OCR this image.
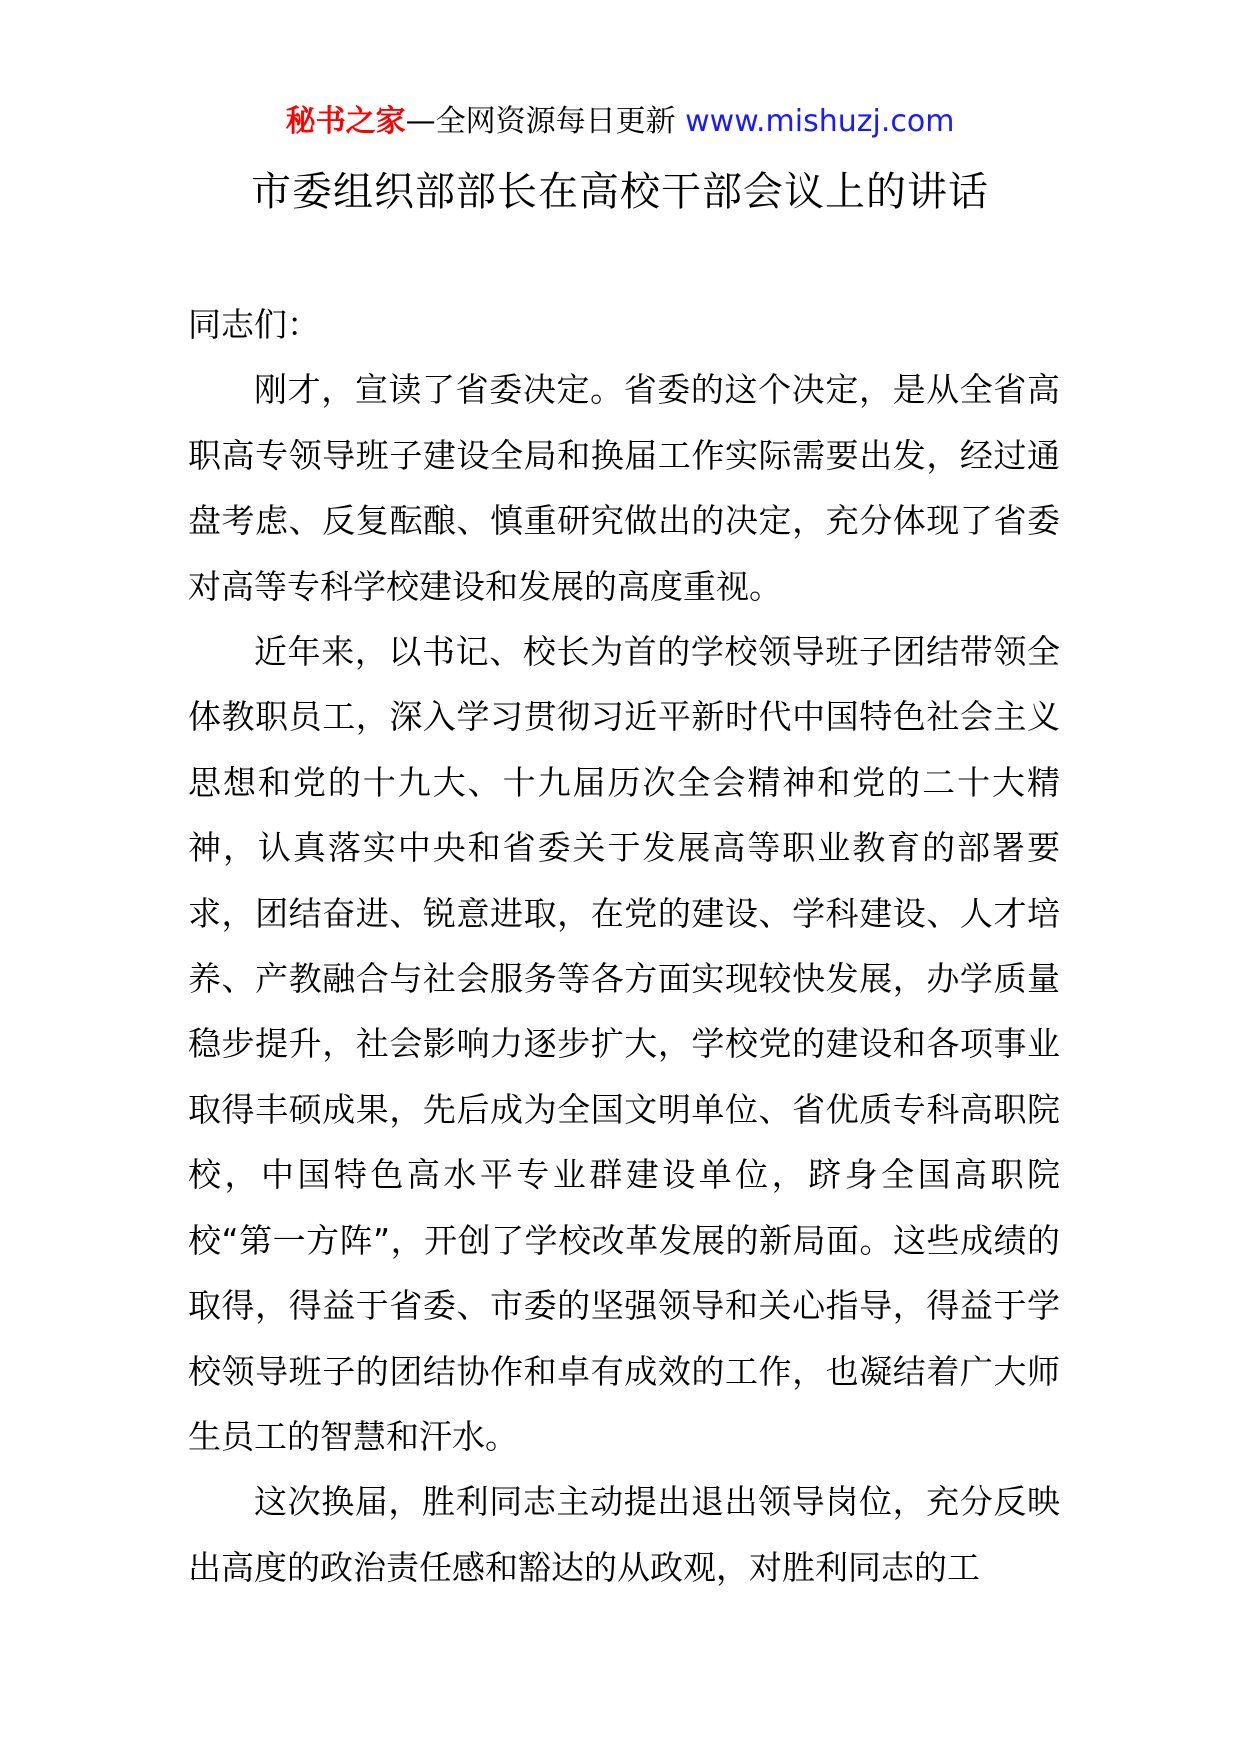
秘书之家—全网资源每日更新 www.mishuzj.com
市委组织部部长在高校干部会议上的讲话

同志们：

刚才，宣读了省委决定。省委的这个决定，是从全省高职高专领导班子建设全局和换届工作实际需要出发，经过通盘考虑、反复酝酿、慎重研究做出的决定，充分体现了省委对高等专科学校建设和发展的高度重视。

近年来，以书记、校长为首的学校领导班子团结带领全体教职员工，深入学习贯彻习近平新时代中国特色社会主义思想和党的十九大、十九届历次全会精神和党的二十大精神，认真落实中央和省委关于发展高等职业教育的部署要求，团结奋进、锐意进取，在党的建设、学科建设、人才培养、产教融合与社会服务等各方面实现较快发展，办学质量稳步提升，社会影响力逐步扩大，学校党的建设和各项事业取得丰硕成果，先后成为全国文明单位、省优质专科高职院校，中国特色高水平专业群建设单位，跻身全国高职院校“第一方阵”，开创了学校改革发展的新局面。这些成绩的取得，得益于省委、市委的坚强领导和关心指导，得益于学校领导班子的团结协作和卓有成效的工作，也凝结着广大师生员工的智慧和汗水。

这次换届，胜利同志主动提出退出领导岗位，充分反映出高度的政治责任感和豁达的从政观，对胜利同志的工
